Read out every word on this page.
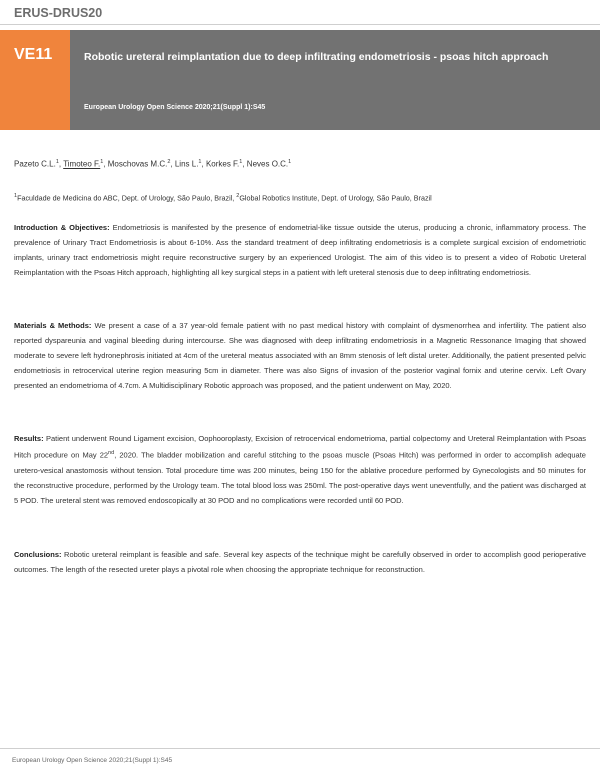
ERUS-DRUS20
VE11	Robotic ureteral reimplantation due to deep infiltrating endometriosis - psoas hitch approach
European Urology Open Science 2020;21(Suppl 1):S45
Pazeto C.L.$^1$, Timoteo F.$^1$, Moschovas M.C.$^2$, Lins L.$^1$, Korkes F.$^1$, Neves O.C.$^1$
$^1$Faculdade de Medicina do ABC, Dept. of Urology, São Paulo, Brazil, $^2$Global Robotics Institute, Dept. of Urology, São Paulo, Brazil
Introduction & Objectives: Endometriosis is manifested by the presence of endometrial-like tissue outside the uterus, producing a chronic, inflammatory process. The prevalence of Urinary Tract Endometriosis is about 6-10%. Ass the standard treatment of deep infiltrating endometriosis is a complete surgical excision of endometriotic implants, urinary tract endometriosis might require reconstructive surgery by an experienced Urologist. The aim of this video is to present a video of Robotic Ureteral Reimplantation with the Psoas Hitch approach, highlighting all key surgical steps in a patient with left ureteral stenosis due to deep infiltrating endometriosis.
Materials & Methods: We present a case of a 37 year-old female patient with no past medical history with complaint of dysmenorrhea and infertility. The patient also reported dyspareunia and vaginal bleeding during intercourse. She was diagnosed with deep infiltrating endometriosis in a Magnetic Ressonance Imaging that showed moderate to severe left hydronephrosis initiated at 4cm of the ureteral meatus associated with an 8mm stenosis of left distal ureter. Additionally, the patient presented pelvic endometriosis in retrocervical uterine region measuring 5cm in diameter. There was also Signs of invasion of the posterior vaginal fornix and uterine cervix. Left Ovary presented an endometrioma of 4.7cm. A Multidisciplinary Robotic approach was proposed, and the patient underwent on May, 2020.
Results: Patient underwent Round Ligament excision, Oophooroplasty, Excision of retrocervical endometrioma, partial colpectomy and Ureteral Reimplantation with Psoas Hitch procedure on May 22nd, 2020. The bladder mobilization and careful stitching to the psoas muscle (Psoas Hitch) was performed in order to accomplish adequate uretero-vesical anastomosis without tension. Total procedure time was 200 minutes, being 150 for the ablative procedure performed by Gynecologists and 50 minutes for the reconstructive procedure, performed by the Urology team. The total blood loss was 250ml. The post-operative days went uneventfully, and the patient was discharged at 5 POD. The ureteral stent was removed endoscopically at 30 POD and no complications were recorded until 60 POD.
Conclusions: Robotic ureteral reimplant is feasible and safe. Several key aspects of the technique might be carefully observed in order to accomplish good perioperative outcomes. The length of the resected ureter plays a pivotal role when choosing the appropriate technique for reconstruction.
European Urology Open Science 2020;21(Suppl 1):S45
